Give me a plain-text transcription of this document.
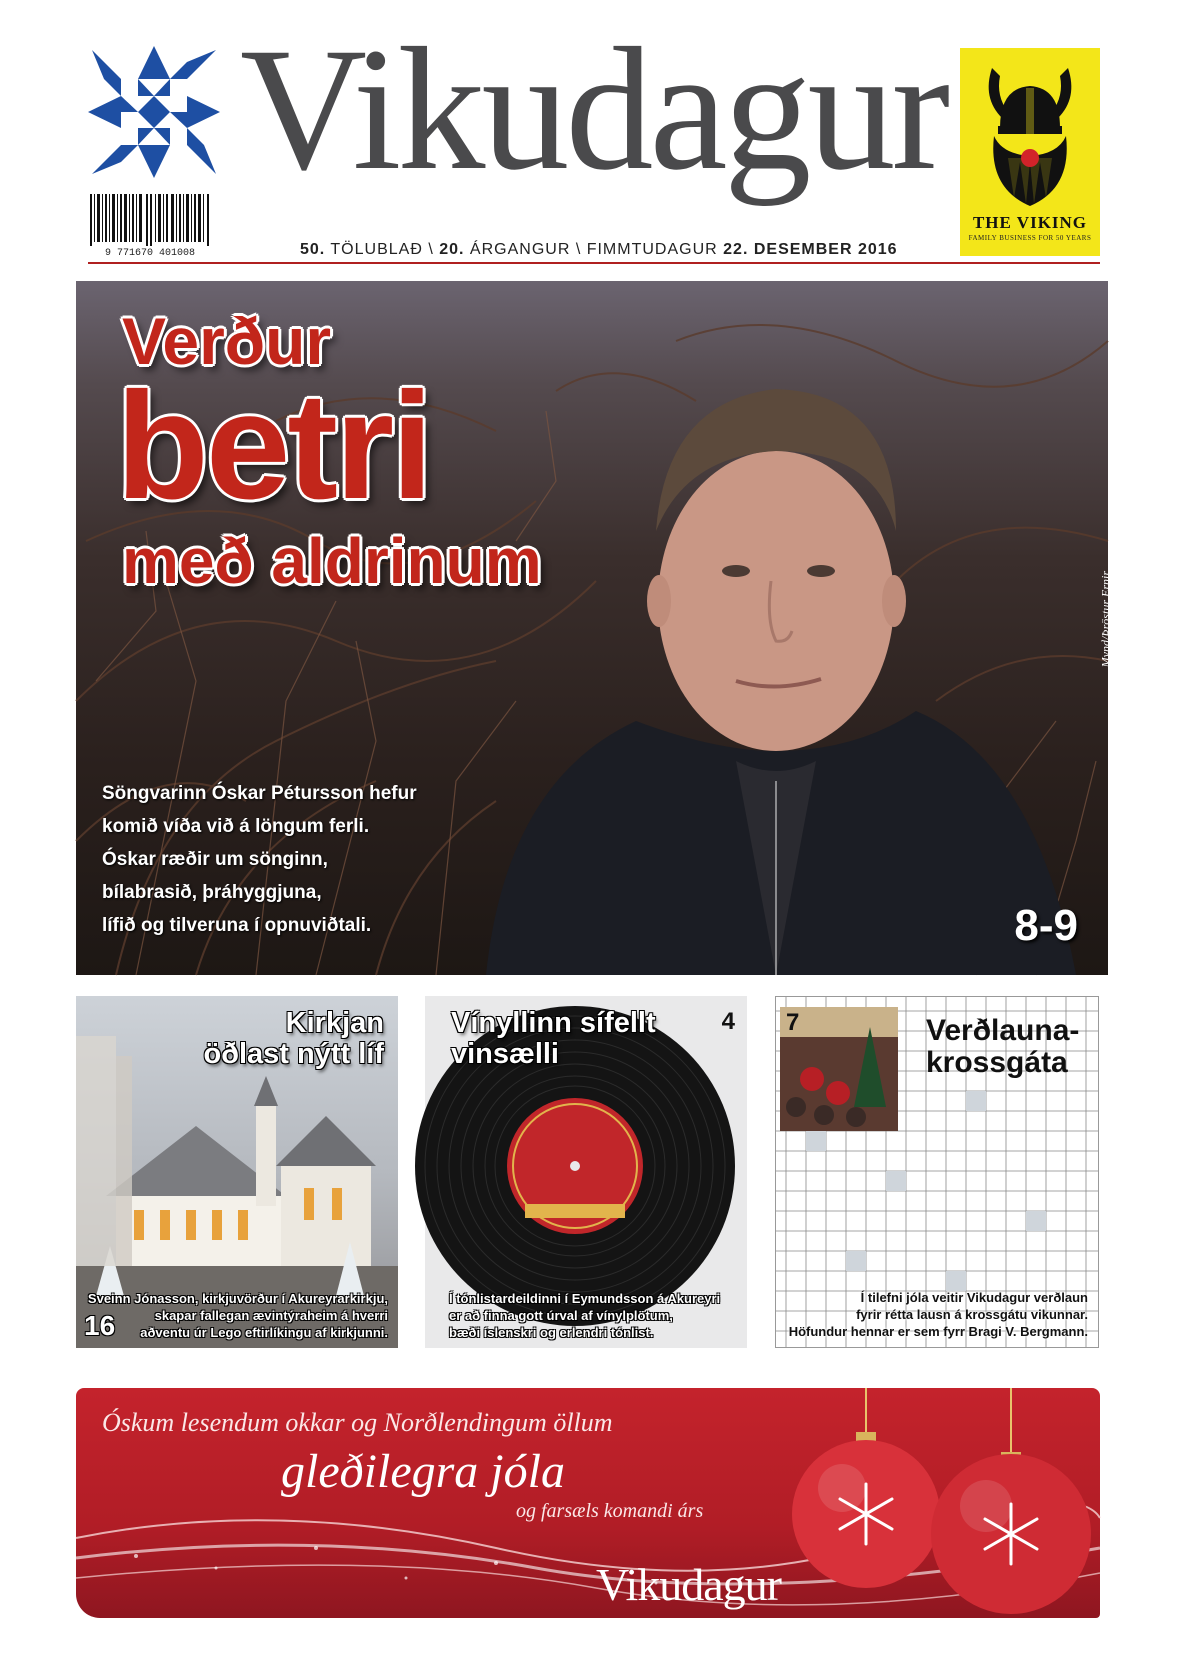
Vikudagur
9 771670 401008	50. TÖLUBLAÐ \ 20. ÁRGANGUR \ FIMMTUDAGUR 22. DESEMBER 2016
THE VIKING
FAMILY BUSINESS FOR 50 YEARS
Verður
betri
með aldrinum
Söngvarinn Óskar Pétursson hefur
komið víða við á löngum ferli.
Óskar ræðir um sönginn,
bílabrasið, þráhyggjuna,
lífið og tilveruna í opnuviðtali.
Mynd/Þröstur Ernir
8-9
Kirkjan
öðlast nýtt líf
Sveinn Jónasson, kirkjuvörður í Akureyrarkirkju,
skapar fallegan ævintýraheim á hverri
aðventu úr Lego eftirlíkingu af kirkjunni.
16
Vínyllinn sífellt
vinsælli
4
Í tónlistardeildinni í Eymundsson á Akureyri
er að finna gott úrval af vínylplötum,
bæði íslenskri og erlendri tónlist.
7	Verðlauna-
krossgáta
Í tilefni jóla veitir Vikudagur verðlaun
fyrir rétta lausn á krossgátu vikunnar.
Höfundur hennar er sem fyrr Bragi V. Bergmann.
Óskum lesendum okkar og Norðlendingum öllum
gleðilegra jóla
og farsæls komandi árs
Vikudagur
